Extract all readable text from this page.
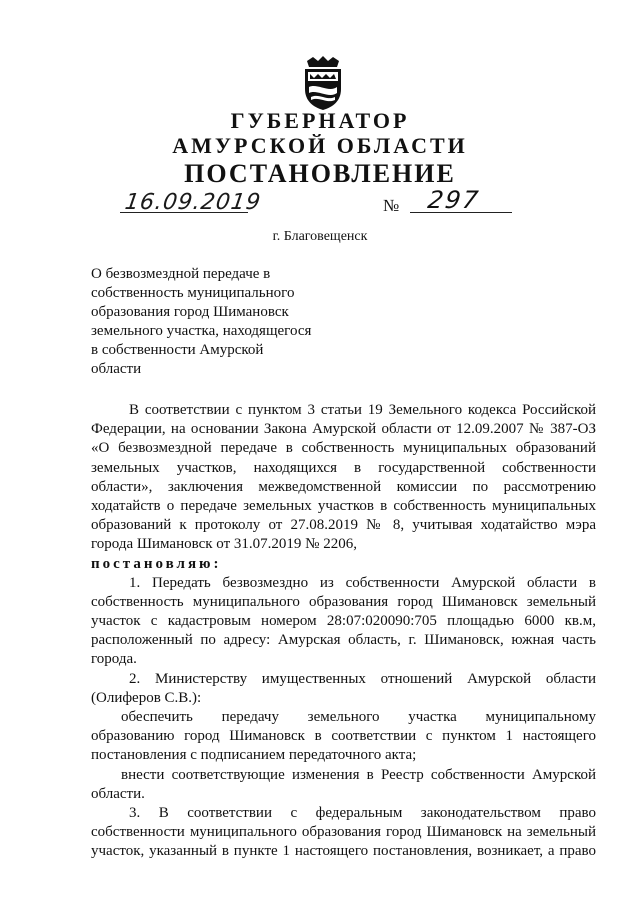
ГУБЕРНАТОР
АМУРСКОЙ ОБЛАСТИ
ПОСТАНОВЛЕНИЕ
16.09.2019	№ 297
г. Благовещенск
О безвозмездной передаче в
собственность муниципального
образования город Шимановск
земельного участка, находящегося
в собственности Амурской
области
В соответствии с пунктом 3 статьи 19 Земельного кодекса Российской
Федерации, на основании Закона Амурской области от 12.09.2007 № 387-ОЗ
«О безвозмездной передаче в собственность муниципальных образований
земельных участков, находящихся в государственной собственности
области», заключения межведомственной комиссии по рассмотрению
ходатайств о передаче земельных участков в собственность муниципальных
образований к протоколу от 27.08.2019 № 8, учитывая ходатайство мэра
города Шимановск от 31.07.2019 № 2206,
постановляю:
1. Передать безвозмездно из собственности Амурской области в
собственность муниципального образования город Шимановск земельный
участок с кадастровым номером 28:07:020090:705 площадью 6000 кв.м,
расположенный по адресу: Амурская область, г. Шимановск, южная часть
города.
2. Министерству имущественных отношений Амурской области
(Олиферов С.В.):
обеспечить передачу земельного участка муниципальному
образованию город Шимановск в соответствии с пунктом 1 настоящего
постановления с подписанием передаточного акта;
внести соответствующие изменения в Реестр собственности Амурской
области.
3. В соответствии с федеральным законодательством право
собственности муниципального образования город Шимановск на земельный
участок, указанный в пункте 1 настоящего постановления, возникает, а право
